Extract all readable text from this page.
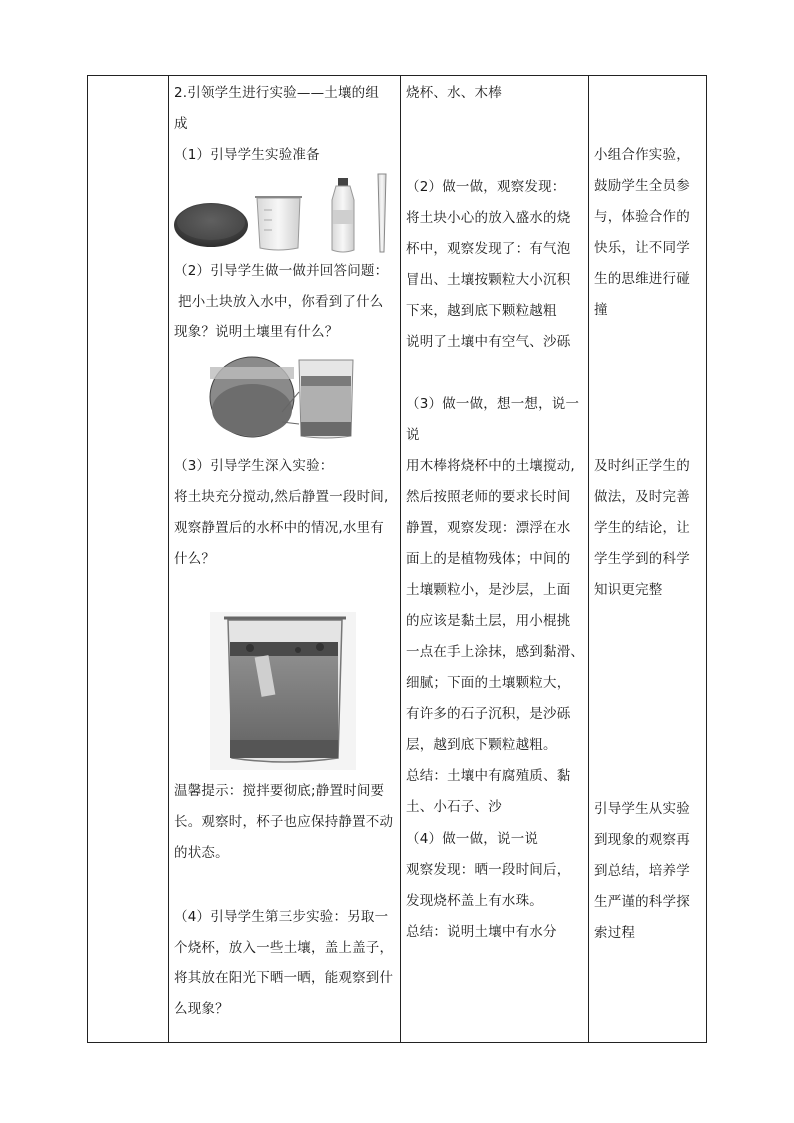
2.引领学生进行实验——土壤的组
成
（1）引导学生实验准备
（2）引导学生做一做并回答问题：
把小土块放入水中，你看到了什么
现象？说明土壤里有什么？
（3）引导学生深入实验：
将土块充分搅动,然后静置一段时间,
观察静置后的水杯中的情况,水里有
什么？
温馨提示：搅拌要彻底;静置时间要
长。观察时，杯子也应保持静置不动
的状态。
（4）引导学生第三步实验：另取一
个烧杯，放入一些土壤，盖上盖子，
将其放在阳光下晒一晒，能观察到什
么现象？
烧杯、水、木棒
（2）做一做，观察发现：
将土块小心的放入盛水的烧
杯中，观察发现了：有气泡
冒出、土壤按颗粒大小沉积
下来，越到底下颗粒越粗
说明了土壤中有空气、沙砾
（3）做一做，想一想，说一
说
用木棒将烧杯中的土壤搅动,
然后按照老师的要求长时间
静置，观察发现：漂浮在水
面上的是植物残体；中间的
土壤颗粒小，是沙层，上面
的应该是黏土层，用小棍挑
一点在手上涂抹，感到黏滑、
细腻；下面的土壤颗粒大，
有许多的石子沉积，是沙砾
层，越到底下颗粒越粗。
总结：土壤中有腐殖质、黏
土、小石子、沙
（4）做一做，说一说
观察发现：晒一段时间后，
发现烧杯盖上有水珠。
总结：说明土壤中有水分
小组合作实验，
鼓励学生全员参
与，体验合作的
快乐，让不同学
生的思维进行碰
撞
及时纠正学生的
做法，及时完善
学生的结论，让
学生学到的科学
知识更完整
引导学生从实验
到现象的观察再
到总结，培养学
生严谨的科学探
索过程
